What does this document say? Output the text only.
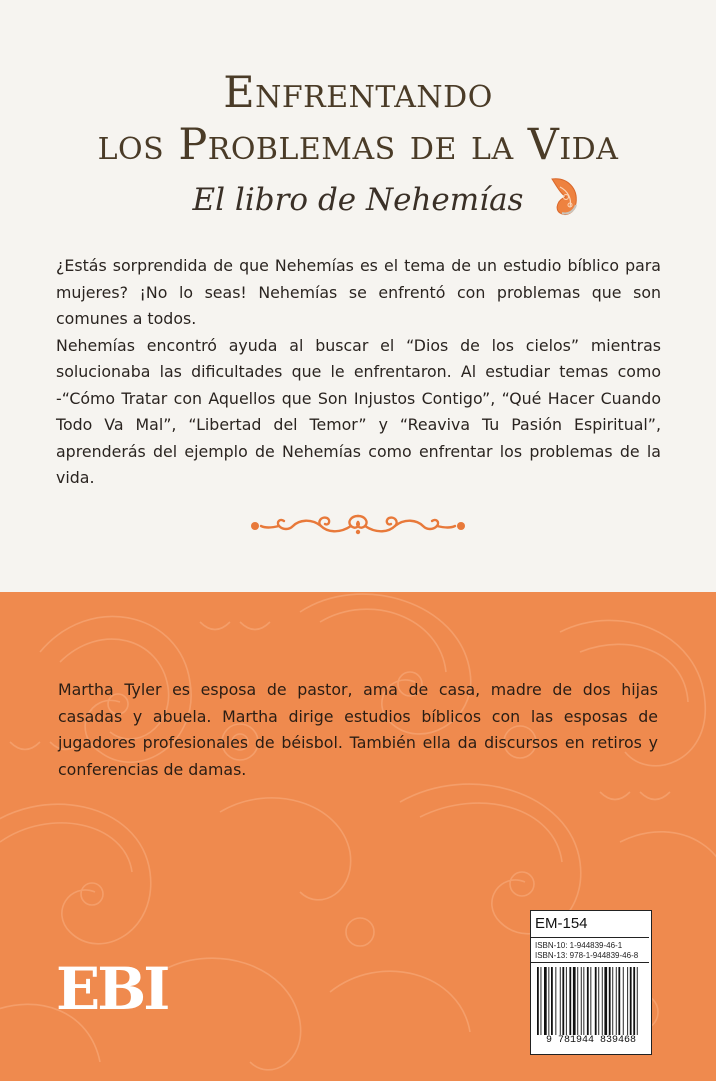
Enfrentando
los Problemas de la Vida
El libro de Nehemías

¿Estás sorprendida de que Nehemías es el tema de un estudio bíblico para mujeres? ¡No lo seas! Nehemías se enfrentó con problemas que son comunes a todos.

Nehemías encontró ayuda al buscar el “Dios de los cielos” mientras solucionaba las dificultades que le enfrentaron. Al estudiar temas como -“Cómo Tratar con Aquellos que Son Injustos Contigo”, “Qué Hacer Cuando Todo Va Mal”, “Libertad del Temor” y “Reaviva Tu Pasión Espiritual”, aprenderás del ejemplo de Nehemías como enfrentar los problemas de la vida.

Martha Tyler es esposa de pastor, ama de casa, madre de dos hijas casadas y abuela. Martha dirige estudios bíblicos con las esposas de jugadores profesionales de béisbol. También ella da discursos en retiros y conferencias de damas.

EBI
EM-154
ISBN-10: 1-944839-46-1
ISBN-13: 978-1-944839-46-8
9 781944 839468
